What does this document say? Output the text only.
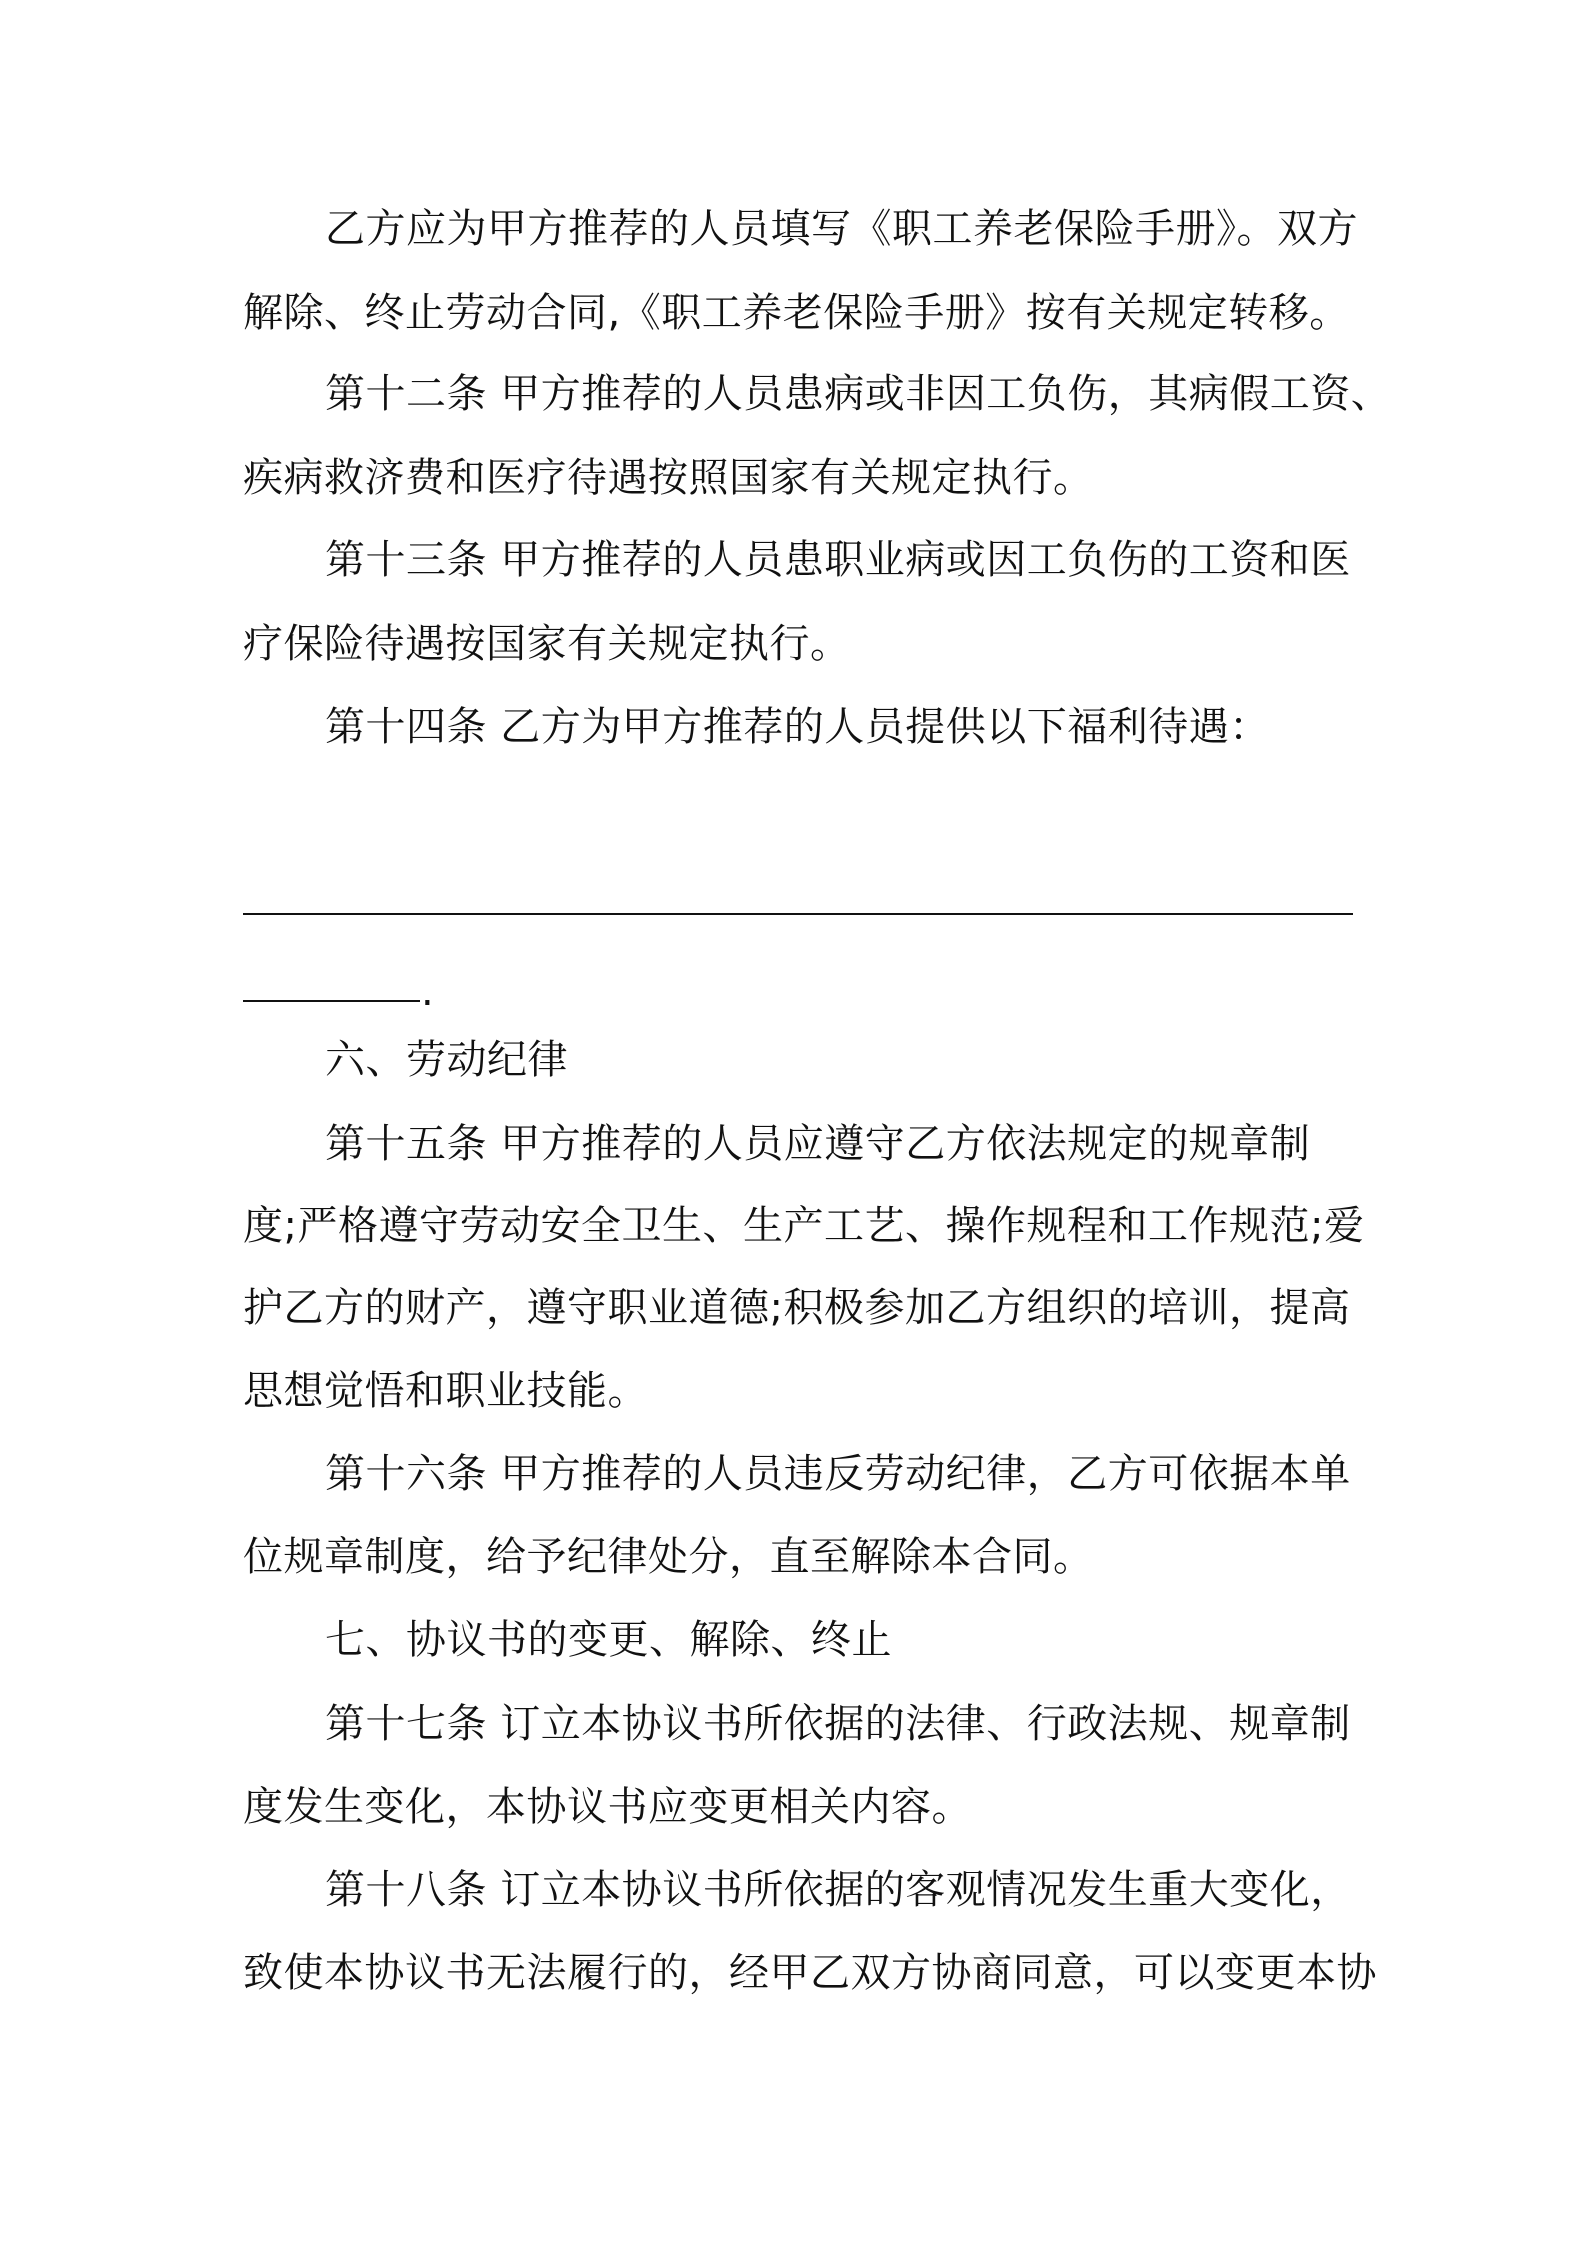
乙方应为甲方推荐的人员填写《职工养老保险手册》。双方
解除、终止劳动合同,《职工养老保险手册》按有关规定转移。
第十二条 甲方推荐的人员患病或非因工负伤，其病假工资、
疾病救济费和医疗待遇按照国家有关规定执行。
第十三条 甲方推荐的人员患职业病或因工负伤的工资和医
疗保险待遇按国家有关规定执行。
第十四条 乙方为甲方推荐的人员提供以下福利待遇：
.
六、劳动纪律
第十五条 甲方推荐的人员应遵守乙方依法规定的规章制
度;严格遵守劳动安全卫生、生产工艺、操作规程和工作规范;爱
护乙方的财产，遵守职业道德;积极参加乙方组织的培训，提高
思想觉悟和职业技能。
第十六条 甲方推荐的人员违反劳动纪律，乙方可依据本单
位规章制度，给予纪律处分，直至解除本合同。
七、协议书的变更、解除、终止
第十七条 订立本协议书所依据的法律、行政法规、规章制
度发生变化，本协议书应变更相关内容。
第十八条 订立本协议书所依据的客观情况发生重大变化，
致使本协议书无法履行的，经甲乙双方协商同意，可以变更本协
